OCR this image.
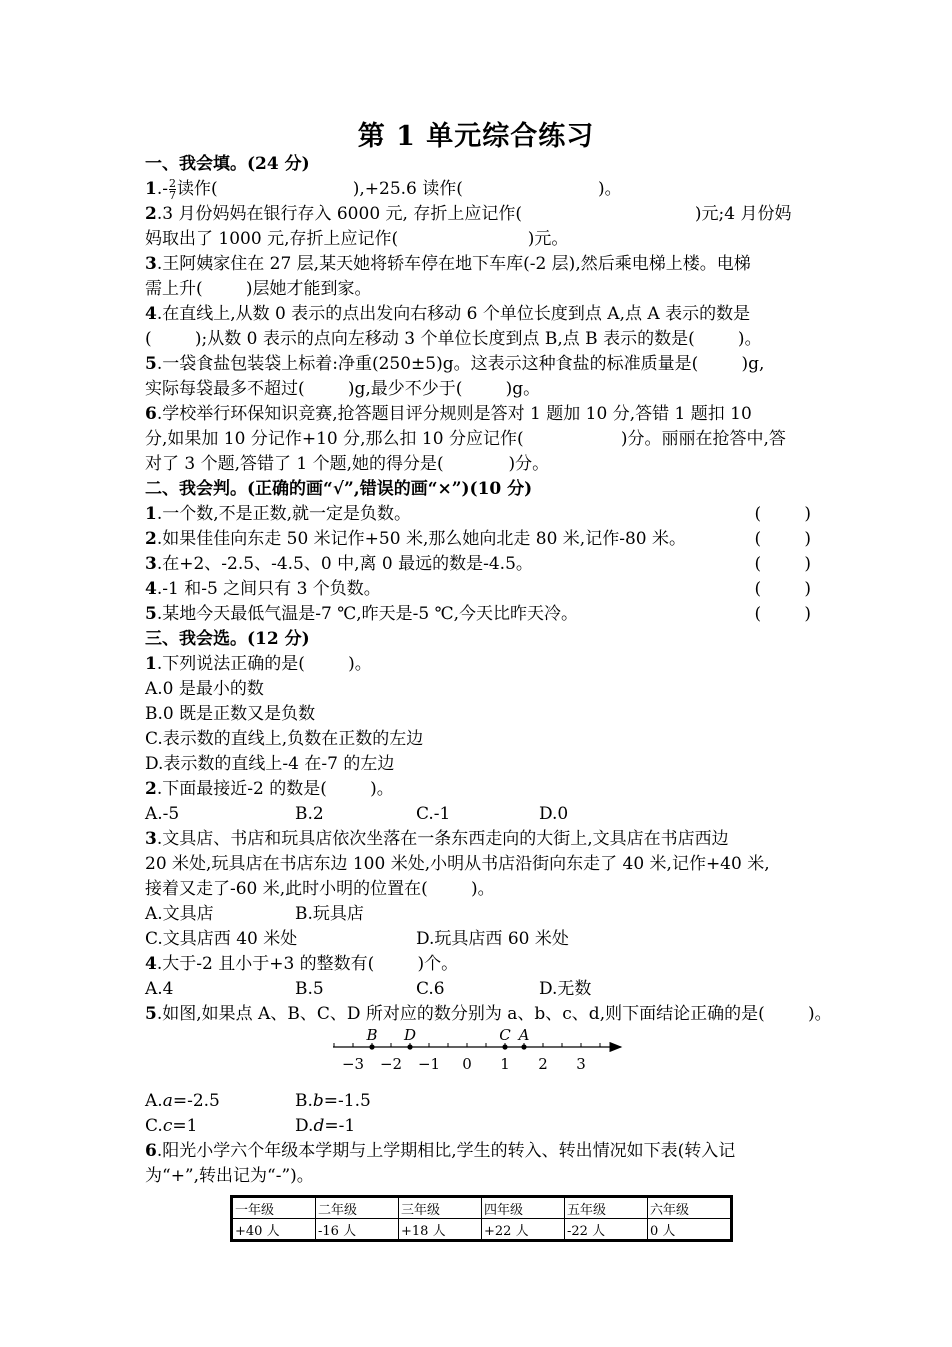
第 1 单元综合练习
一、我会填。(24 分)
$1.- \frac{2}{7}$ 读作(                         ),+25.6 读作(                         )。
2.3 月份妈妈在银行存入 6000 元, 存折上应记作(                                )元;4 月份妈
妈取出了 1000 元,存折上应记作(                        )元。
3.王阿姨家住在 27 层,某天她将轿车停在地下车库(-2 层),然后乘电梯上楼。电梯
需上升(        )层她才能到家。
4.在直线上,从数 0 表示的点出发向右移动 6 个单位长度到点 A,点 A 表示的数是
(        );从数 0 表示的点向左移动 3 个单位长度到点 B,点 B 表示的数是(        )。
5.一袋食盐包装袋上标着:净重(250±5)g。这表示这种食盐的标准质量是(        )g,
实际每袋最多不超过(        )g,最少不少于(        )g。
6.学校举行环保知识竞赛,抢答题目评分规则是答对 1 题加 10 分,答错 1 题扣 10
分,如果加 10 分记作+10 分,那么扣 10 分应记作(                  )分。丽丽在抢答中,答
对了 3 个题,答错了 1 个题,她的得分是(            )分。
二、我会判。(正确的画“√”,错误的画“×”)(10 分)
1.一个数,不是正数,就一定是负数。	(        )
2.如果佳佳向东走 50 米记作+50 米,那么她向北走 80 米,记作-80 米。	(        )
3.在+2、-2.5、-4.5、0 中,离 0 最远的数是-4.5。	(        )
4.-1 和-5 之间只有 3 个负数。	(        )
5.某地今天最低气温是-7 ℃,昨天是-5 ℃,今天比昨天冷。	(        )
三、我会选。(12 分)
1.下列说法正确的是(        )。
A.0 是最小的数
B.0 既是正数又是负数
C.表示数的直线上,负数在正数的左边
D.表示数的直线上-4 在-7 的左边
2.下面最接近-2 的数是(        )。
A.-5	B.2	C.-1	D.0
3.文具店、书店和玩具店依次坐落在一条东西走向的大街上,文具店在书店西边
20 米处,玩具店在书店东边 100 米处,小明从书店沿街向东走了 40 米,记作+40 米,
接着又走了-60 米,此时小明的位置在(        )。
A.文具店	B.玩具店
C.文具店西 40 米处	D.玩具店西 60 米处
4.大于-2 且小于+3 的整数有(        )个。
A.4	B.5	C.6	D.无数
5.如图,如果点 A、B、C、D 所对应的数分别为 a、b、c、d,则下面结论正确的是(        )。
−3 −2 −1 0 1 2 3
B D	C A
A.a=-2.5	B.b=-1.5
C.c=1	D.d=-1
6.阳光小学六个年级本学期与上学期相比,学生的转入、转出情况如下表(转入记
为“+”,转出记为“-”)。
一年级	二年级	三年级	四年级	五年级	六年级
+40 人	-16 人	+18 人	+22 人	-22 人	0 人
